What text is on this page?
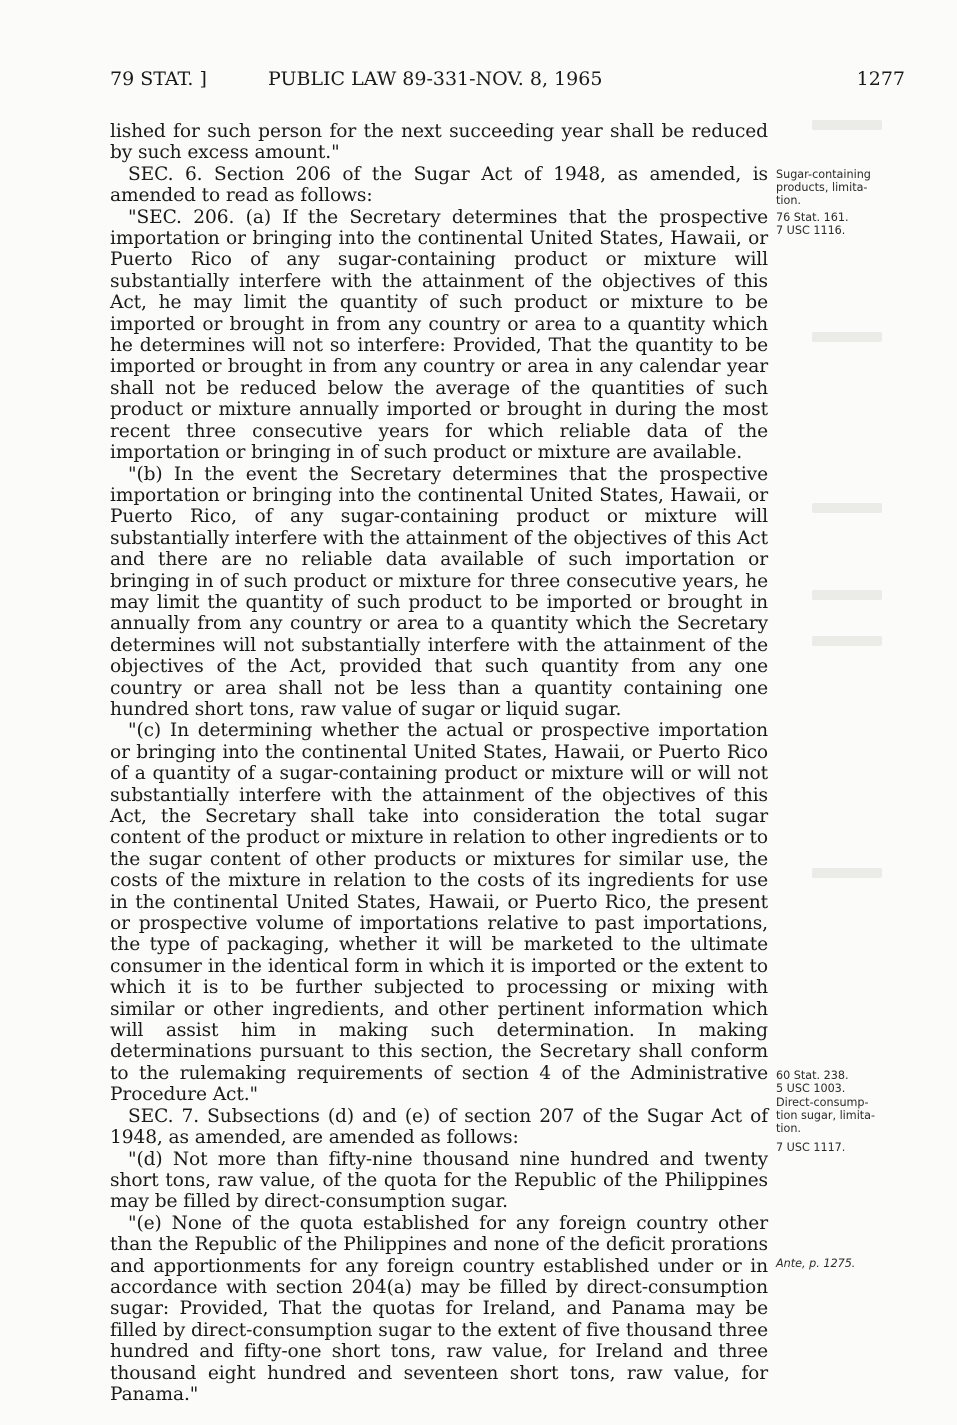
79 STAT. ]	PUBLIC LAW 89-331-NOV. 8, 1965	1277

lished for such person for the next succeeding year shall be reduced by such excess amount."

SEC. 6. Section 206 of the Sugar Act of 1948, as amended, is amended to read as follows:

"SEC. 206. (a) If the Secretary determines that the prospective importation or bringing into the continental United States, Hawaii, or Puerto Rico of any sugar-containing product or mixture will substantially interfere with the attainment of the objectives of this Act, he may limit the quantity of such product or mixture to be imported or brought in from any country or area to a quantity which he determines will not so interfere: Provided, That the quantity to be imported or brought in from any country or area in any calendar year shall not be reduced below the average of the quantities of such product or mixture annually imported or brought in during the most recent three consecutive years for which reliable data of the importation or bringing in of such product or mixture are available.

"(b) In the event the Secretary determines that the prospective importation or bringing into the continental United States, Hawaii, or Puerto Rico, of any sugar-containing product or mixture will substantially interfere with the attainment of the objectives of this Act and there are no reliable data available of such importation or bringing in of such product or mixture for three consecutive years, he may limit the quantity of such product to be imported or brought in annually from any country or area to a quantity which the Secretary determines will not substantially interfere with the attainment of the objectives of the Act, provided that such quantity from any one country or area shall not be less than a quantity containing one hundred short tons, raw value of sugar or liquid sugar.

"(c) In determining whether the actual or prospective importation or bringing into the continental United States, Hawaii, or Puerto Rico of a quantity of a sugar-containing product or mixture will or will not substantially interfere with the attainment of the objectives of this Act, the Secretary shall take into consideration the total sugar content of the product or mixture in relation to other ingredients or to the sugar content of other products or mixtures for similar use, the costs of the mixture in relation to the costs of its ingredients for use in the continental United States, Hawaii, or Puerto Rico, the present or prospective volume of importations relative to past importations, the type of packaging, whether it will be marketed to the ultimate consumer in the identical form in which it is imported or the extent to which it is to be further subjected to processing or mixing with similar or other ingredients, and other pertinent information which will assist him in making such determination. In making determinations pursuant to this section, the Secretary shall conform to the rulemaking requirements of section 4 of the Administrative Procedure Act."

SEC. 7. Subsections (d) and (e) of section 207 of the Sugar Act of 1948, as amended, are amended as follows:

"(d) Not more than fifty-nine thousand nine hundred and twenty short tons, raw value, of the quota for the Republic of the Philippines may be filled by direct-consumption sugar.

"(e) None of the quota established for any foreign country other than the Republic of the Philippines and none of the deficit prorations and apportionments for any foreign country established under or in accordance with section 204(a) may be filled by direct-consumption sugar: Provided, That the quotas for Ireland, and Panama may be filled by direct-consumption sugar to the extent of five thousand three hundred and fifty-one short tons, raw value, for Ireland and three thousand eight hundred and seventeen short tons, raw value, for Panama."

Sugar-containing
products, limita-
tion.
76 Stat. 161.
7 USC 1116.
60 Stat. 238.
5 USC 1003.
Direct-consump-
tion sugar, limita-
tion.
7 USC 1117.
Ante, p. 1275.
